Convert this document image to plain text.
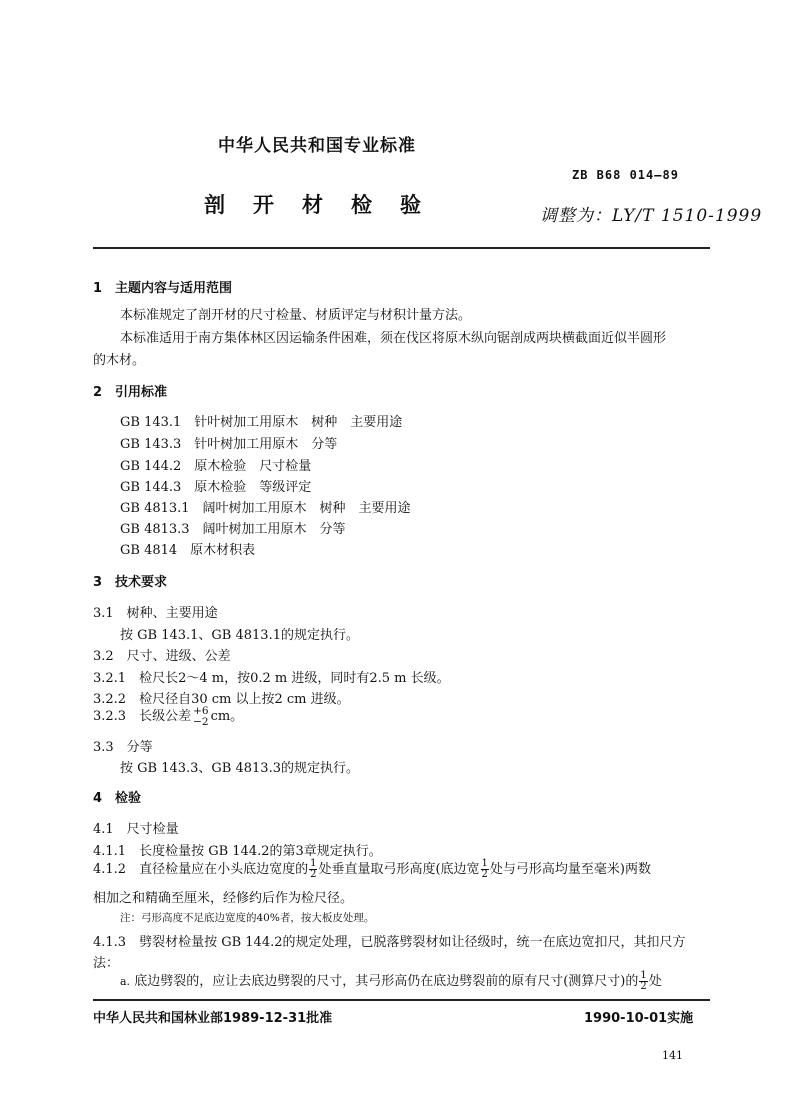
中华人民共和国专业标准
ZB B68 014—89
剖开材检验	调整为：LY/T 1510-1999
1　主题内容与适用范围
本标准规定了剖开材的尺寸检量、材质评定与材积计量方法。
本标准适用于南方集体林区因运输条件困难，须在伐区将原木纵向锯剖成两块横截面近似半圆形
的木材。
2　引用标准
GB 143.1　针叶树加工用原木　树种　主要用途
GB 143.3　针叶树加工用原木　分等
GB 144.2　原木检验　尺寸检量
GB 144.3　原木检验　等级评定
GB 4813.1　阔叶树加工用原木　树种　主要用途
GB 4813.3　阔叶树加工用原木　分等
GB 4814　原木材积表
3　技术要求
3.1　树种、主要用途
按 GB 143.1、GB 4813.1的规定执行。
3.2　尺寸、进级、公差
3.2.1　检尺长2～4 m，按0.2 m 进级，同时有2.5 m 长级。
3.2.2　检尺径自30 cm 以上按2 cm 进级。
3.2.3　长级公差 +6
−2 cm。
3.3　分等
按 GB 143.3、GB 4813.3的规定执行。
4　检验
4.1　尺寸检量
4.1.1　长度检量按 GB 144.2的第3章规定执行。
4.1.2　直径检量应在小头底边宽度的 $\frac{1}{2}$ 处垂直量取弓形高度(底边宽 $\frac{1}{2}$ 处与弓形高均量至毫米)两数
相加之和精确至厘米，经修约后作为检尺径。
注：弓形高度不足底边宽度的40%者，按大板皮处理。
4.1.3　劈裂材检量按 GB 144.2的规定处理，已脱落劈裂材如让径级时，统一在底边宽扣尺，其扣尺方
法：
a. 底边劈裂的，应让去底边劈裂的尺寸，其弓形高仍在底边劈裂前的原有尺寸(测算尺寸)的 $\frac{1}{2}$ 处
中华人民共和国林业部1989-12-31批准	1990-10-01实施
141
